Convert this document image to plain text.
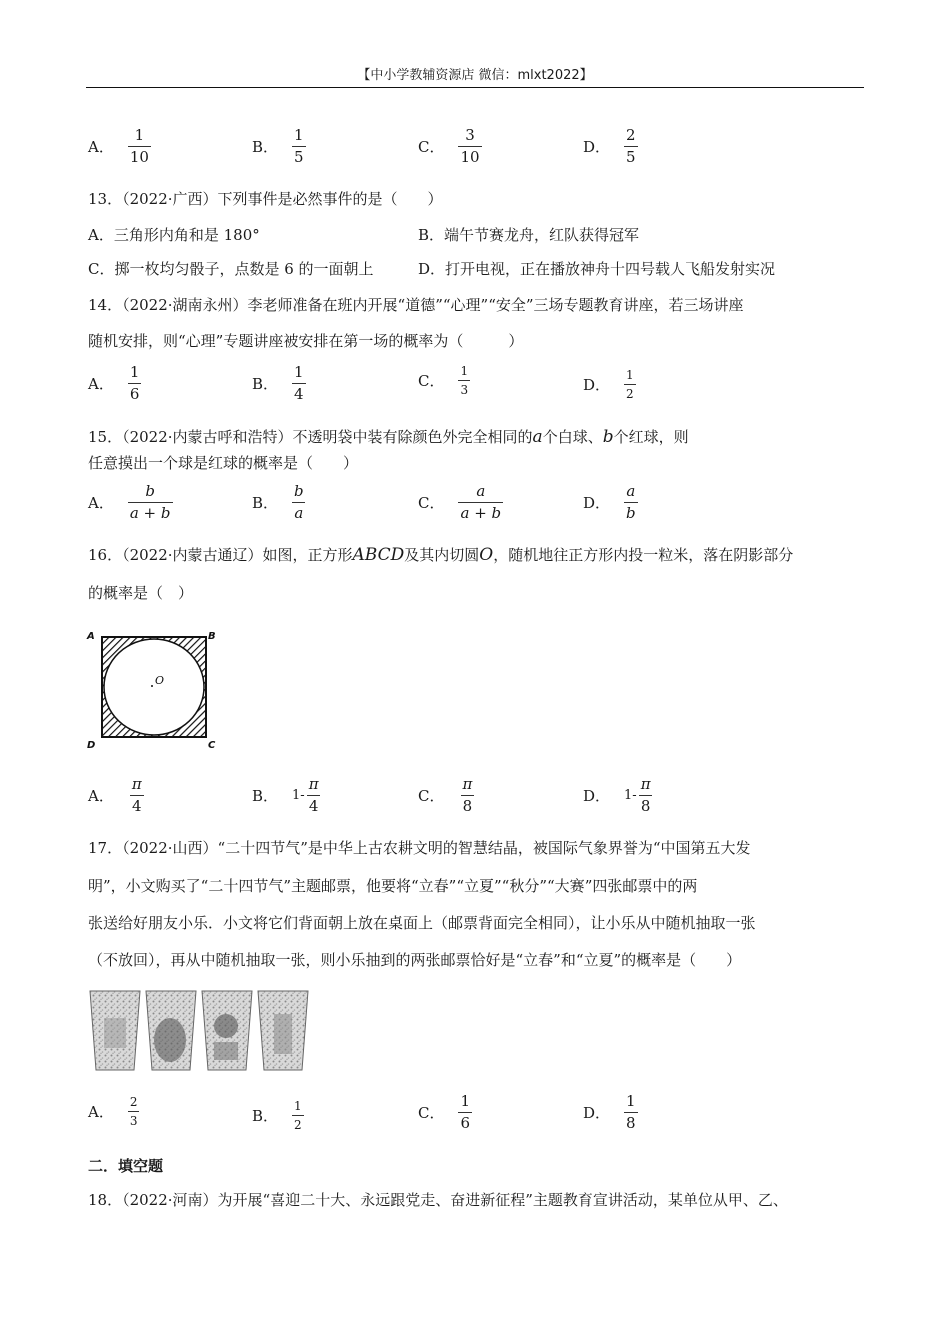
【中小学教辅资源店 微信：mlxt2022】
A． $\frac{1}{10}$	B． $\frac{1}{5}$	C． $\frac{3}{10}$	D． $\frac{2}{5}$
13．（2022·广西）下列事件是必然事件的是（　　）
A．三角形内角和是 180°	B．端午节赛龙舟，红队获得冠军
C．掷一枚均匀骰子，点数是 6 的一面朝上	D．打开电视，正在播放神舟十四号载人飞船发射实况
14．（2022·湖南永州）李老师准备在班内开展“道德”“心理”“安全”三场专题教育讲座，若三场讲座
随机安排，则“心理”专题讲座被安排在第一场的概率为（　　　）
A． $\frac{1}{6}$	B． $\frac{1}{4}$	C． $\frac{1}{3}$	D． $\frac{1}{2}$
15．（2022·内蒙古呼和浩特）不透明袋中装有除颜色外完全相同的a个白球、b个红球，则
任意摸出一个球是红球的概率是（　　）
A． $\frac{b}{a + b}$	B． $\frac{b}{a}$	C． $\frac{a}{a + b}$	D． $\frac{a}{b}$
16．（2022·内蒙古通辽）如图，正方形ABCD及其内切圆O，随机地往正方形内投一粒米，落在阴影部分
的概率是（　）
O
A	B
D	C
A． $\frac{\pi}{4}$	B． $1- \frac{\pi}{4}$	C． $\frac{\pi}{8}$	D． $1- \frac{\pi}{8}$
17．（2022·山西）“二十四节气”是中华上古农耕文明的智慧结晶，被国际气象界誉为“中国第五大发
明”，小文购买了“二十四节气”主题邮票，他要将“立春”“立夏”“秋分”“大赛”四张邮票中的两
张送给好朋友小乐．小文将它们背面朝上放在桌面上（邮票背面完全相同），让小乐从中随机抽取一张
（不放回），再从中随机抽取一张，则小乐抽到的两张邮票恰好是“立春”和“立夏”的概率是（　　）
A． $\frac{2}{3}$	B． $\frac{1}{2}$	C． $\frac{1}{6}$	D． $\frac{1}{8}$
二．填空题
18．（2022·河南）为开展“喜迎二十大、永远跟党走、奋进新征程”主题教育宣讲活动，某单位从甲、乙、
